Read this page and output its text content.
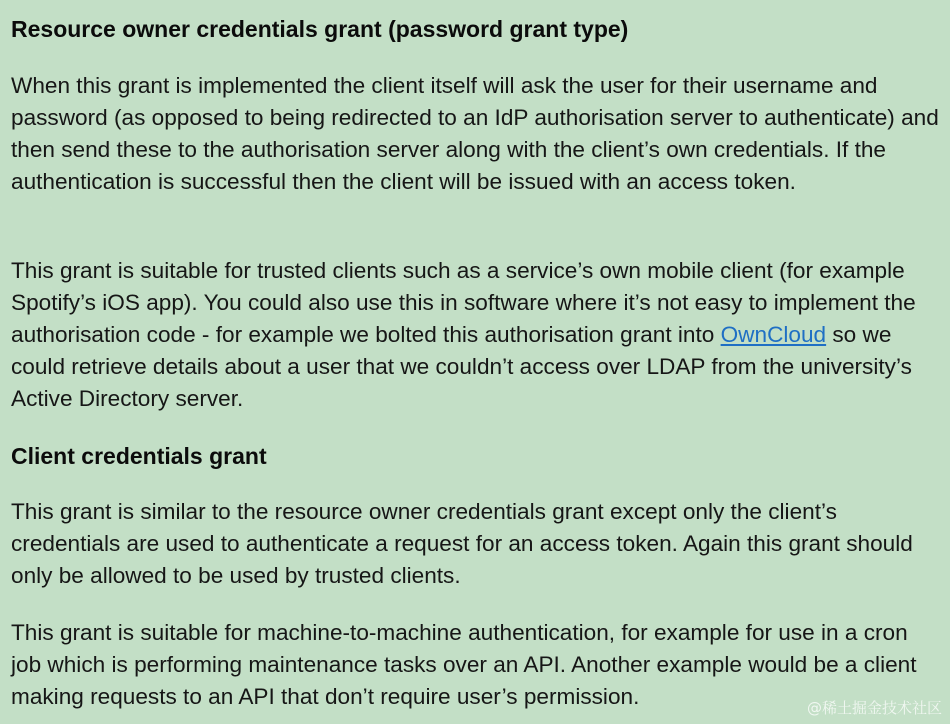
Resource owner credentials grant (password grant type)

When this grant is implemented the client itself will ask the user for their username and password (as opposed to being redirected to an IdP authorisation server to authenticate) and then send these to the authorisation server along with the client’s own credentials. If the authentication is successful then the client will be issued with an access token.

This grant is suitable for trusted clients such as a service’s own mobile client (for example Spotify’s iOS app). You could also use this in software where it’s not easy to implement the authorisation code - for example we bolted this authorisation grant into OwnCloud so we could retrieve details about a user that we couldn’t access over LDAP from the university’s Active Directory server.

Client credentials grant

This grant is similar to the resource owner credentials grant except only the client’s credentials are used to authenticate a request for an access token. Again this grant should only be allowed to be used by trusted clients.

This grant is suitable for machine-to-machine authentication, for example for use in a cron job which is performing maintenance tasks over an API. Another example would be a client making requests to an API that don’t require user’s permission.	@稀土掘金技术社区
